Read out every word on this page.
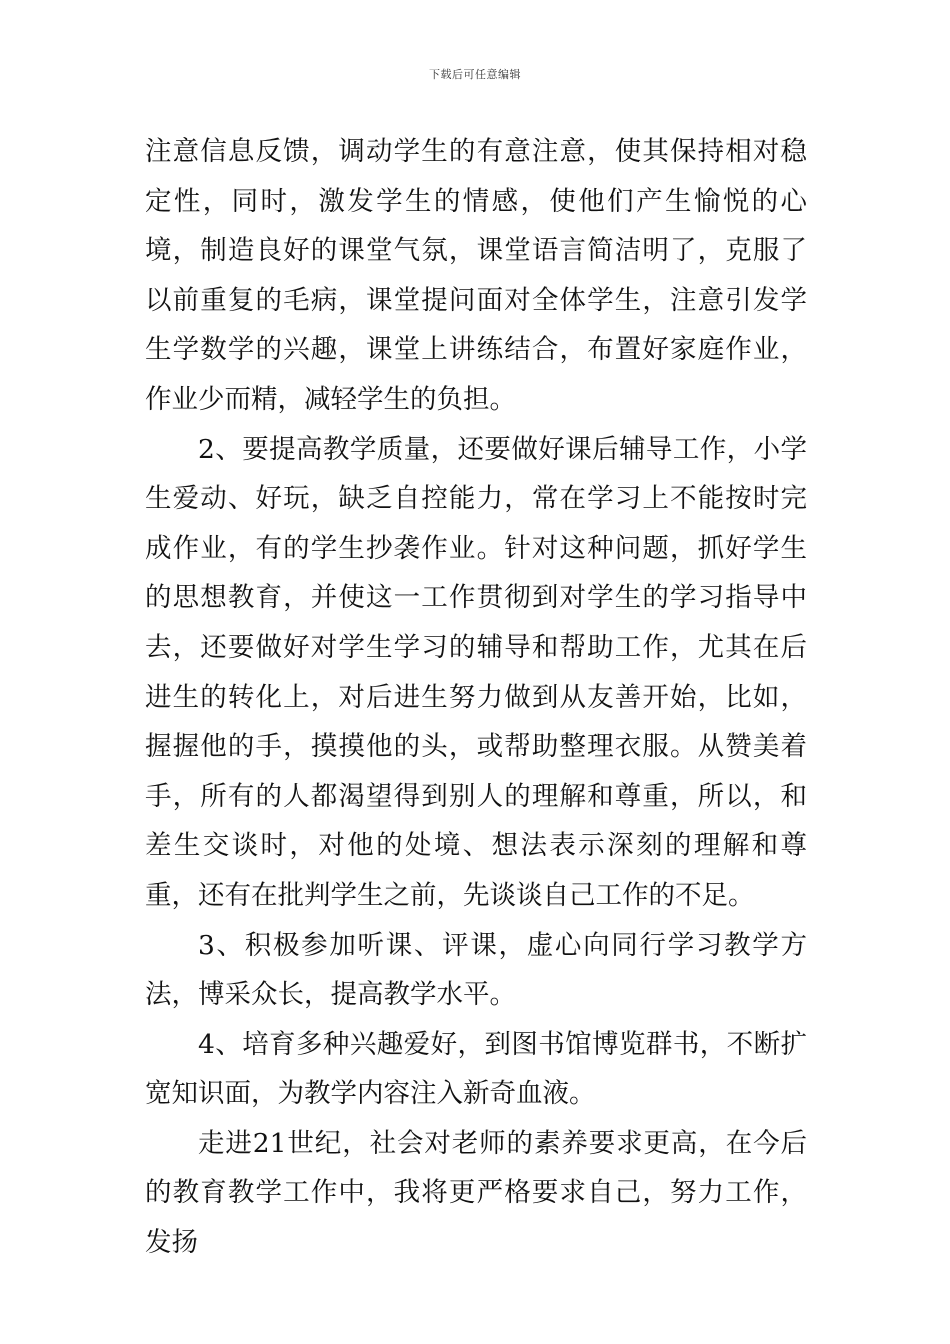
下载后可任意编辑

注意信息反馈，调动学生的有意注意，使其保持相对稳定性，同时，激发学生的情感，使他们产生愉悦的心境，制造良好的课堂气氛，课堂语言简洁明了，克服了以前重复的毛病，课堂提问面对全体学生，注意引发学生学数学的兴趣，课堂上讲练结合，布置好家庭作业，作业少而精，减轻学生的负担。

2、要提高教学质量，还要做好课后辅导工作，小学生爱动、好玩，缺乏自控能力，常在学习上不能按时完成作业，有的学生抄袭作业。针对这种问题，抓好学生的思想教育，并使这一工作贯彻到对学生的学习指导中去，还要做好对学生学习的辅导和帮助工作，尤其在后进生的转化上，对后进生努力做到从友善开始，比如，握握他的手，摸摸他的头，或帮助整理衣服。从赞美着手，所有的人都渴望得到别人的理解和尊重，所以，和差生交谈时，对他的处境、想法表示深刻的理解和尊重，还有在批判学生之前，先谈谈自己工作的不足。

3、积极参加听课、评课，虚心向同行学习教学方法，博采众长，提高教学水平。

4、培育多种兴趣爱好，到图书馆博览群书，不断扩宽知识面，为教学内容注入新奇血液。

走进21世纪，社会对老师的素养要求更高，在今后的教育教学工作中，我将更严格要求自己，努力工作，发扬
